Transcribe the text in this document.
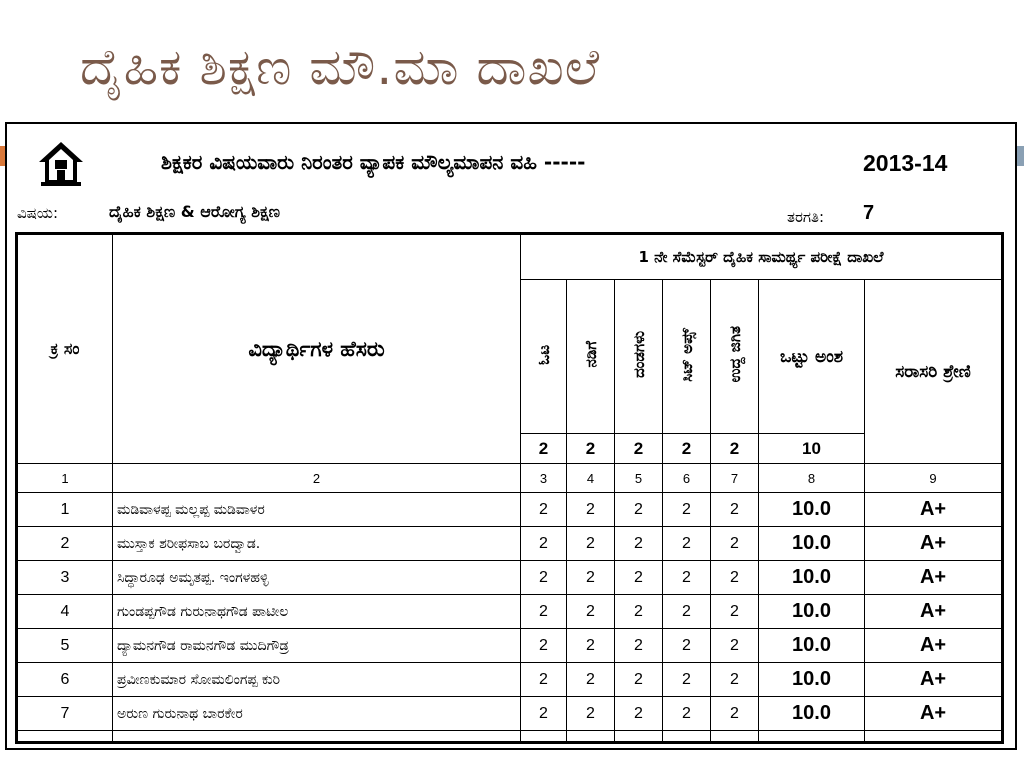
ದೈಹಿಕ ಶಿಕ್ಷಣ ಮೌ.ಮಾ ದಾಖಲೆ
ಶಿಕ್ಷಕರ ವಿಷಯವಾರು ನಿರಂತರ ವ್ಯಾಪಕ ಮೌಲ್ಯಮಾಪನ ವಹಿ -----	2013-14
ವಿಷಯ:	ದೈಹಿಕ ಶಿಕ್ಷಣ & ಆರೋಗ್ಯ ಶಿಕ್ಷಣ	ತರಗತಿ: 7
ಕ್ರ ಸಂ	ವಿದ್ಯಾರ್ಥಿಗಳ ಹೆಸರು	1 ನೇ ಸೆಮೆಸ್ಟರ್ ದೈಹಿಕ ಸಾಮರ್ಥ್ಯ ಪರೀಕ್ಷೆ ದಾಖಲೆ						
		ಓಟ	ನಡಿಗೆ	ದಂಡಗಳು	ಸಿಟ್ ಅಪ್ಸ್	ಉದ್ದ ಜಿಗಿತ	ಒಟ್ಟು ಅಂಶ	ಸರಾಸರಿ ಶ್ರೇಣಿ
		2	2	2	2	2	10	
1	2	3	4	5	6	7	8	9
1	ಮಡಿವಾಳಪ್ಪ ಮಲ್ಲಪ್ಪ ಮಡಿವಾಳರ	2	2	2	2	2	10.0	A+
2	ಮುಸ್ತಾಕ ಶರೀಫಸಾಬ ಬರದ್ವಾಡ.	2	2	2	2	2	10.0	A+
3	ಸಿದ್ಧಾರೂಢ ಅಮೃತಪ್ಪ. ಇಂಗಳಹಳ್ಳಿ	2	2	2	2	2	10.0	A+
4	ಗುಂಡಪ್ಪಗೌಡ ಗುರುನಾಥಗೌಡ ಪಾಟೀಲ	2	2	2	2	2	10.0	A+
5	ದ್ಯಾಮನಗೌಡ ರಾಮನಗೌಡ ಮುದಿಗೌಡ್ರ	2	2	2	2	2	10.0	A+
6	ಪ್ರವೀಣಕುಮಾರ ಸೋಮಲಿಂಗಪ್ಪ ಕುರಿ	2	2	2	2	2	10.0	A+
7	ಅರುಣ ಗುರುನಾಥ ಬಾರಕೇರ	2	2	2	2	2	10.0	A+
